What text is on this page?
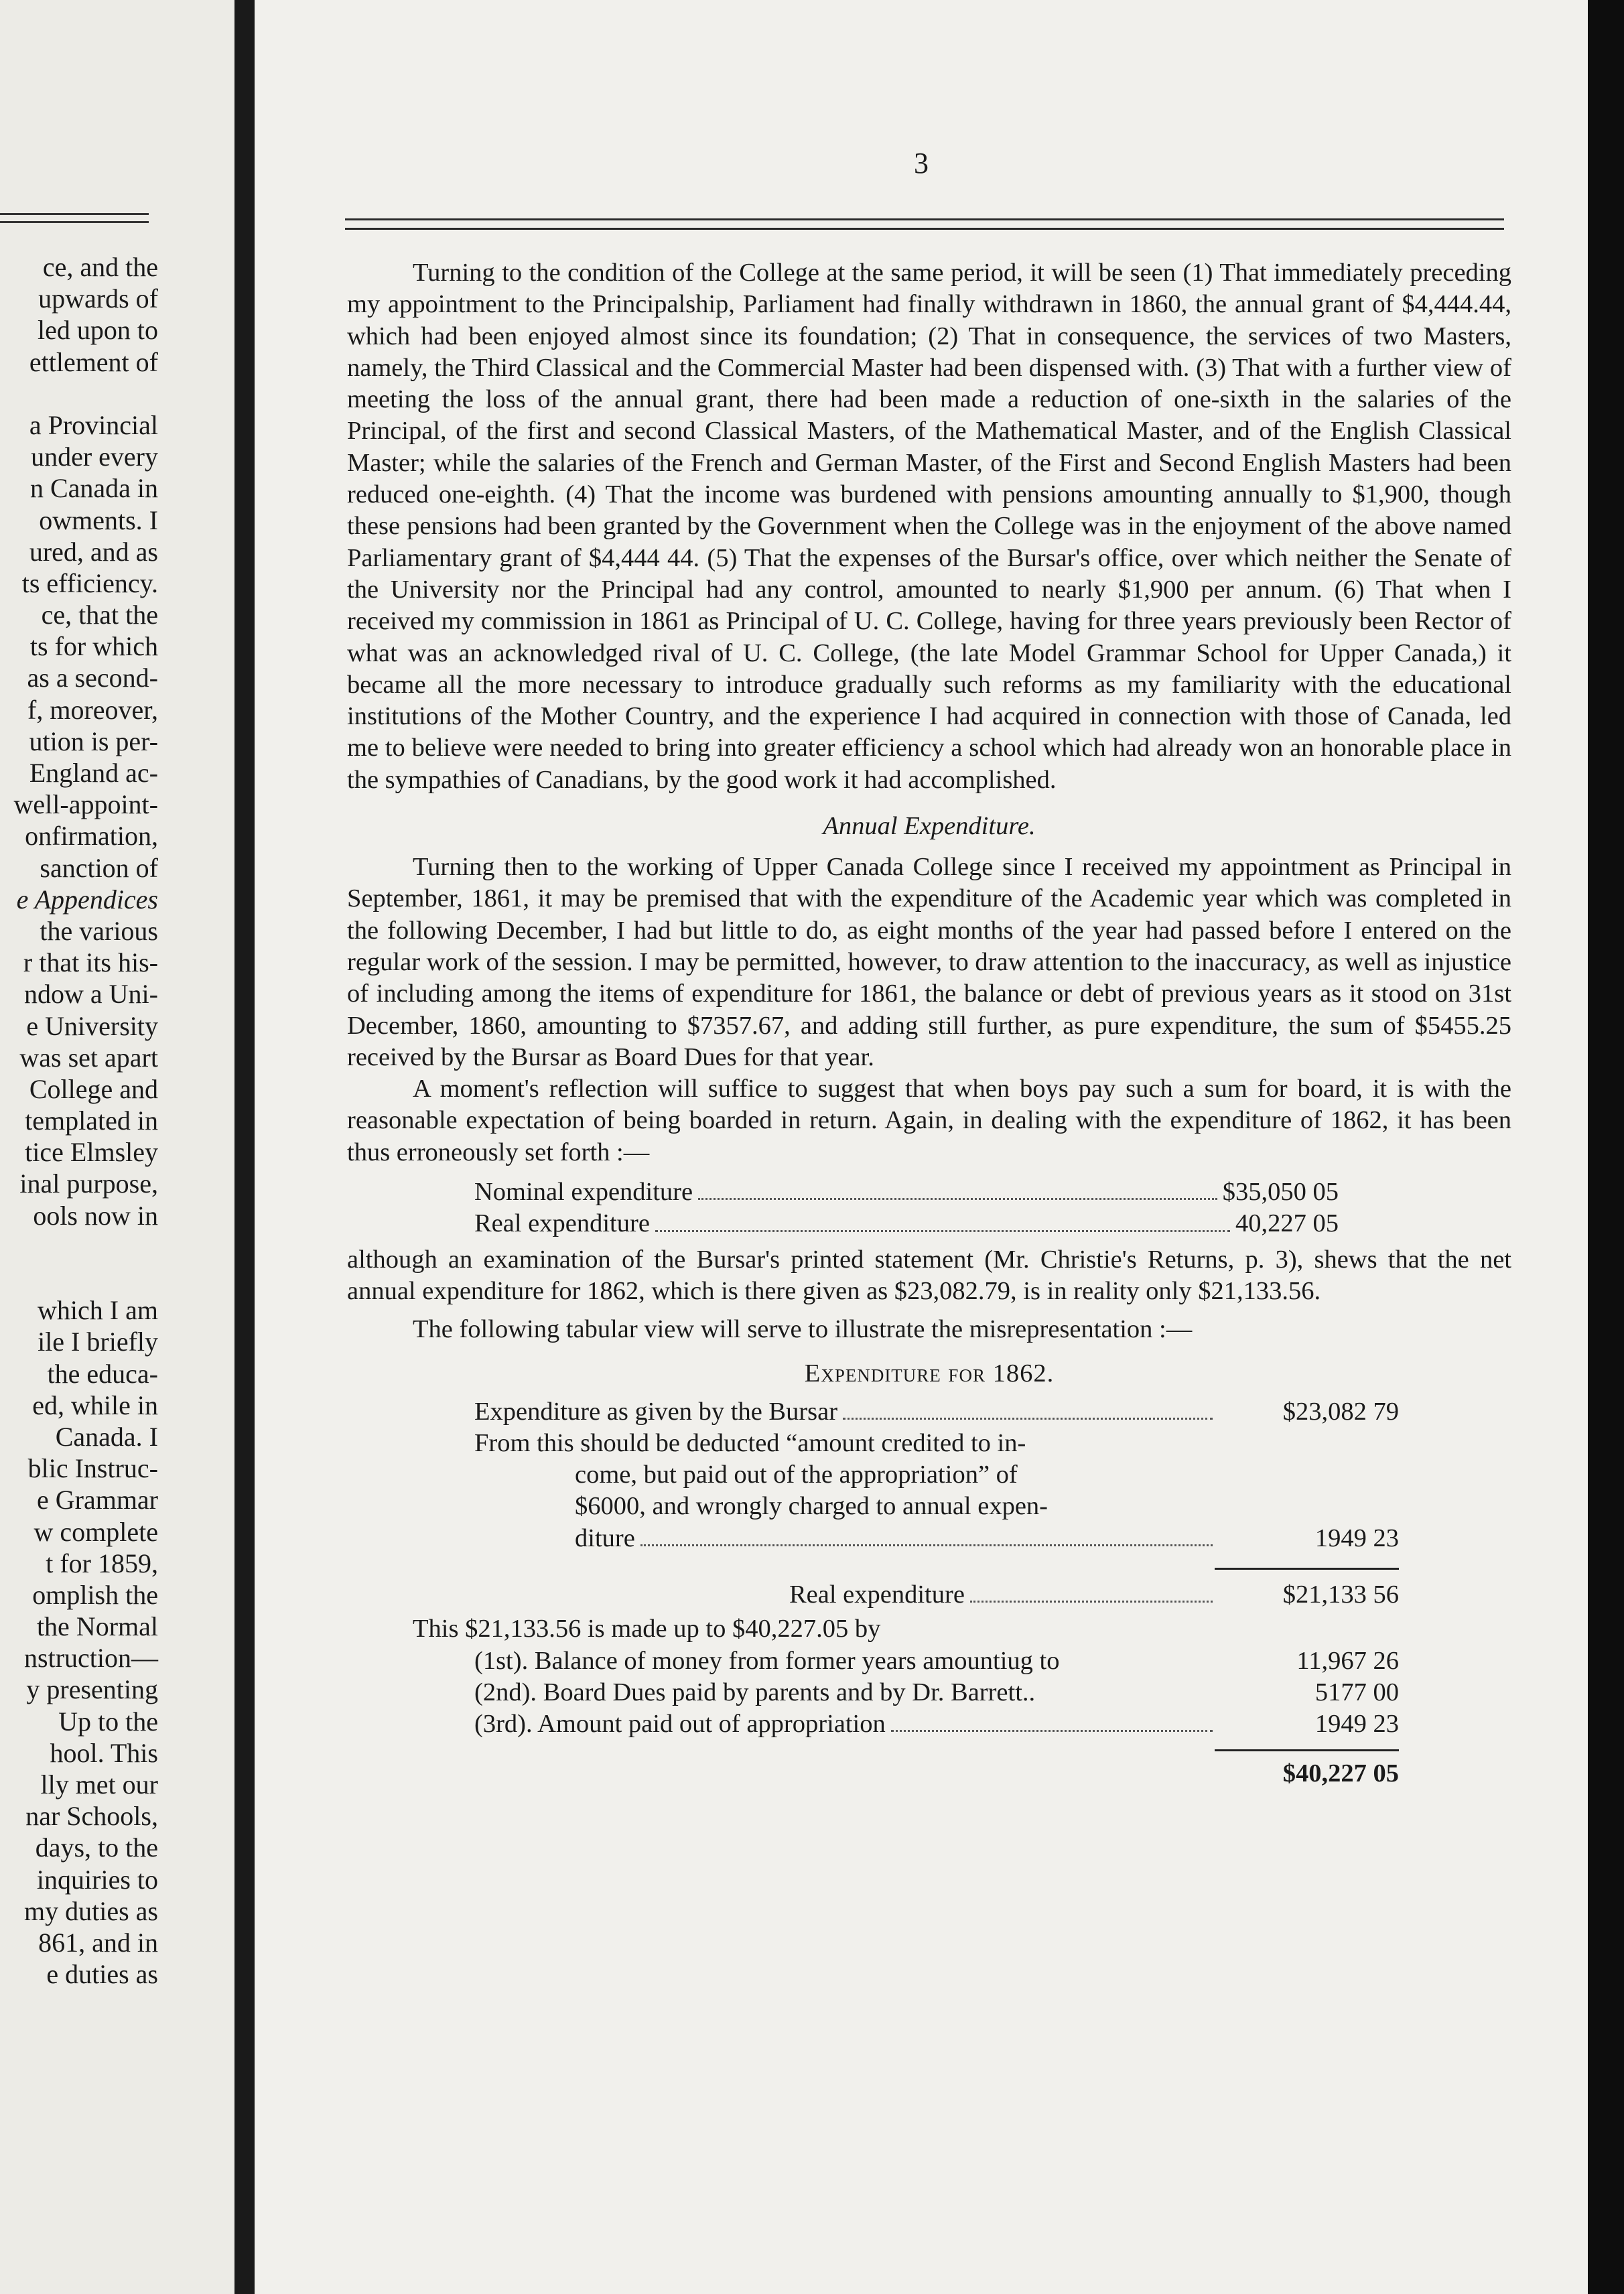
ce, and the
upwards of
led upon to
ettlement of
a Provincial
under every
n Canada in
owments. I
ured, and as
ts efficiency.
ce, that the
ts for which
as a second-
f, moreover,
ution is per-
England ac-
well-appoint-
onfirmation,
sanction of
e Appendices
the various
r that its his-
ndow a Uni-
e University
was set apart
College and
templated in
tice Elmsley
inal purpose,
ools now in
which I am
ile I briefly
the educa-
ed, while in
Canada. I
blic Instruc-
e Grammar
w complete
t for 1859,
omplish the
the Normal
nstruction—
y presenting
Up to the
hool. This
lly met our
nar Schools,
days, to the
inquiries to
my duties as
861, and in
e duties as
3

Turning to the condition of the College at the same period, it will be seen (1) That immediately preceding my appointment to the Principalship, Parliament had finally withdrawn in 1860, the annual grant of $4,444.44, which had been enjoyed almost since its foundation; (2) That in consequence, the services of two Masters, namely, the Third Classical and the Commercial Master had been dispensed with. (3) That with a further view of meeting the loss of the annual grant, there had been made a reduction of one-sixth in the salaries of the Principal, of the first and second Classical Masters, of the Mathematical Master, and of the English Classical Master; while the salaries of the French and German Master, of the First and Second English Masters had been reduced one-eighth. (4) That the income was burdened with pensions amounting annually to $1,900, though these pensions had been granted by the Government when the College was in the enjoyment of the above named Parliamentary grant of $4,444 44. (5) That the expenses of the Bursar's office, over which neither the Senate of the University nor the Principal had any control, amounted to nearly $1,900 per annum. (6) That when I received my commission in 1861 as Principal of U. C. College, having for three years previously been Rector of what was an acknowledged rival of U. C. College, (the late Model Grammar School for Upper Canada,) it became all the more necessary to introduce gradually such reforms as my familiarity with the educational institutions of the Mother Country, and the experience I had acquired in connection with those of Canada, led me to believe were needed to bring into greater efficiency a school which had already won an honorable place in the sympathies of Canadians, by the good work it had accomplished.

Annual Expenditure.

Turning then to the working of Upper Canada College since I received my appointment as Principal in September, 1861, it may be premised that with the expenditure of the Academic year which was completed in the following December, I had but little to do, as eight months of the year had passed before I entered on the regular work of the session. I may be permitted, however, to draw attention to the inaccuracy, as well as injustice of including among the items of expenditure for 1861, the balance or debt of previous years as it stood on 31st December, 1860, amounting to $7357.67, and adding still further, as pure expenditure, the sum of $5455.25 received by the Bursar as Board Dues for that year.

A moment's reflection will suffice to suggest that when boys pay such a sum for board, it is with the reasonable expectation of being boarded in return. Again, in dealing with the expenditure of 1862, it has been thus erroneously set forth :—

Nominal expenditure	$35,050 05
Real expenditure	40,227 05

although an examination of the Bursar's printed statement (Mr. Christie's Returns, p. 3), shews that the net annual expenditure for 1862, which is there given as $23,082.79, is in reality only $21,133.56.

The following tabular view will serve to illustrate the misrepresentation :—

Expenditure for 1862.
Expenditure as given by the Bursar	$23,082 79
From this should be deducted “amount credited to in-
come, but paid out of the appropriation” of
$6000, and wrongly charged to annual expen-
diture	1949 23
Real expenditure	$21,133 56
This $21,133.56 is made up to $40,227.05 by
(1st). Balance of money from former years amountiug to	11,967 26
(2nd). Board Dues paid by parents and by Dr. Barrett..	5177 00
(3rd). Amount paid out of appropriation	1949 23
$40,227 05
